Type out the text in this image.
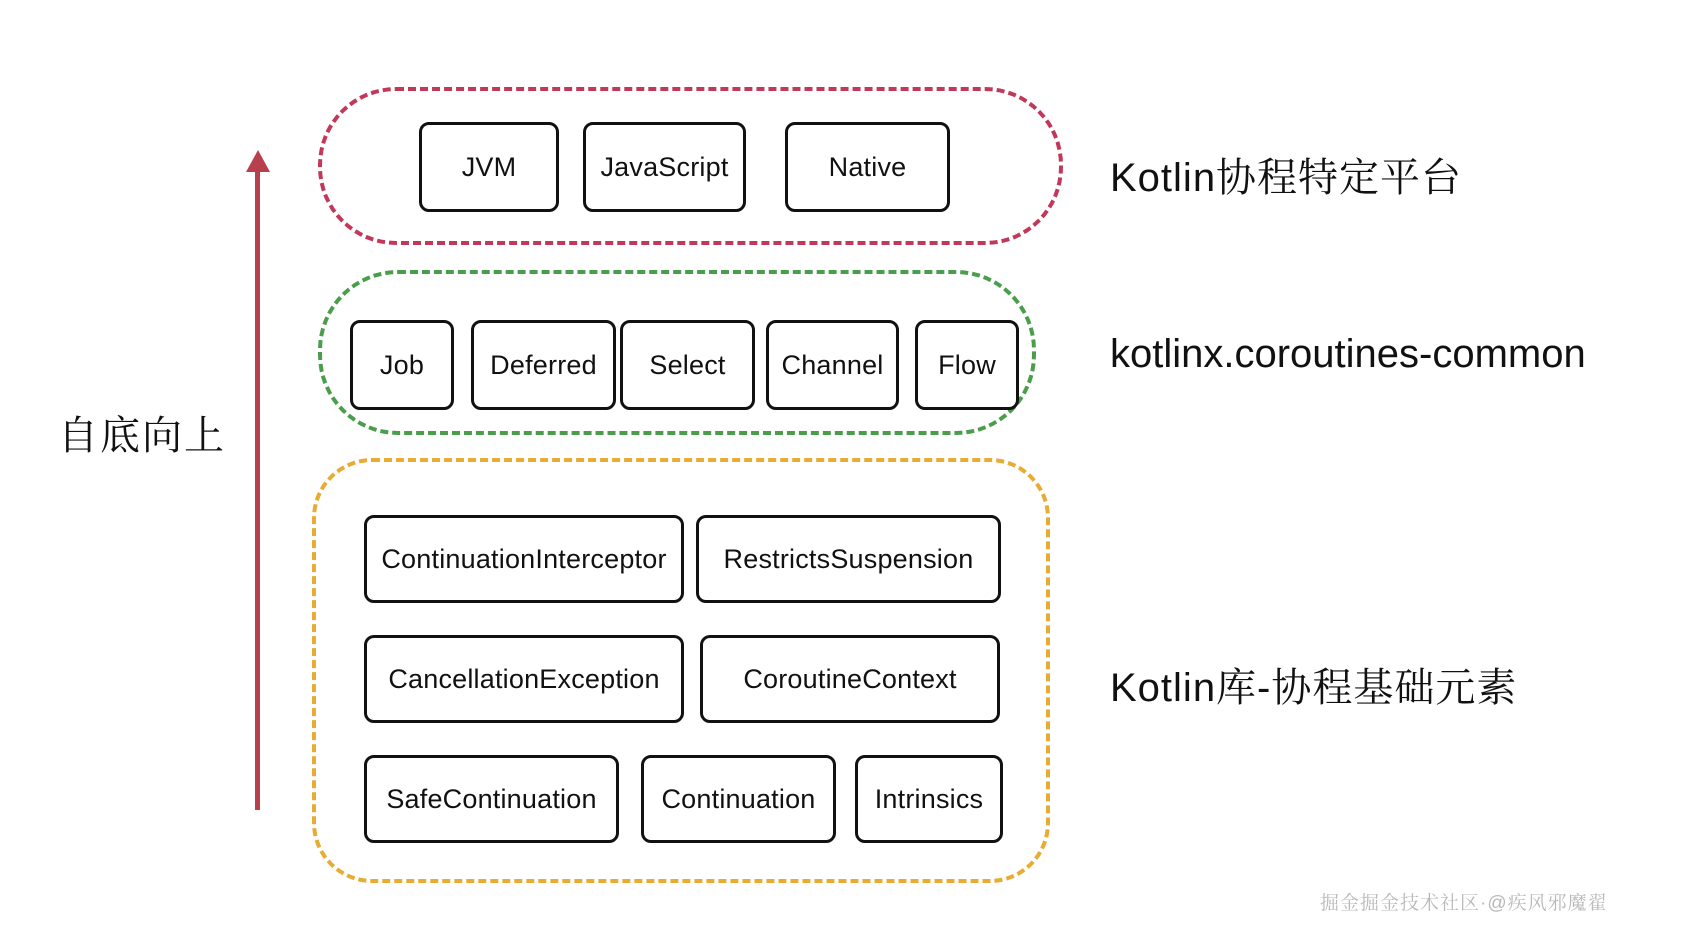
自底向上
JVM	JavaScript	Native	Kotlin协程特定平台
Job	Deferred	Select	Channel	Flow	kotlinx.coroutines-common
ContinuationInterceptor	RestrictsSuspension
CancellationException	CoroutineContext
SafeContinuation	Continuation	Intrinsics
Kotlin库-协程基础元素
掘金掘金技术社区·@疾风邪魔翟
